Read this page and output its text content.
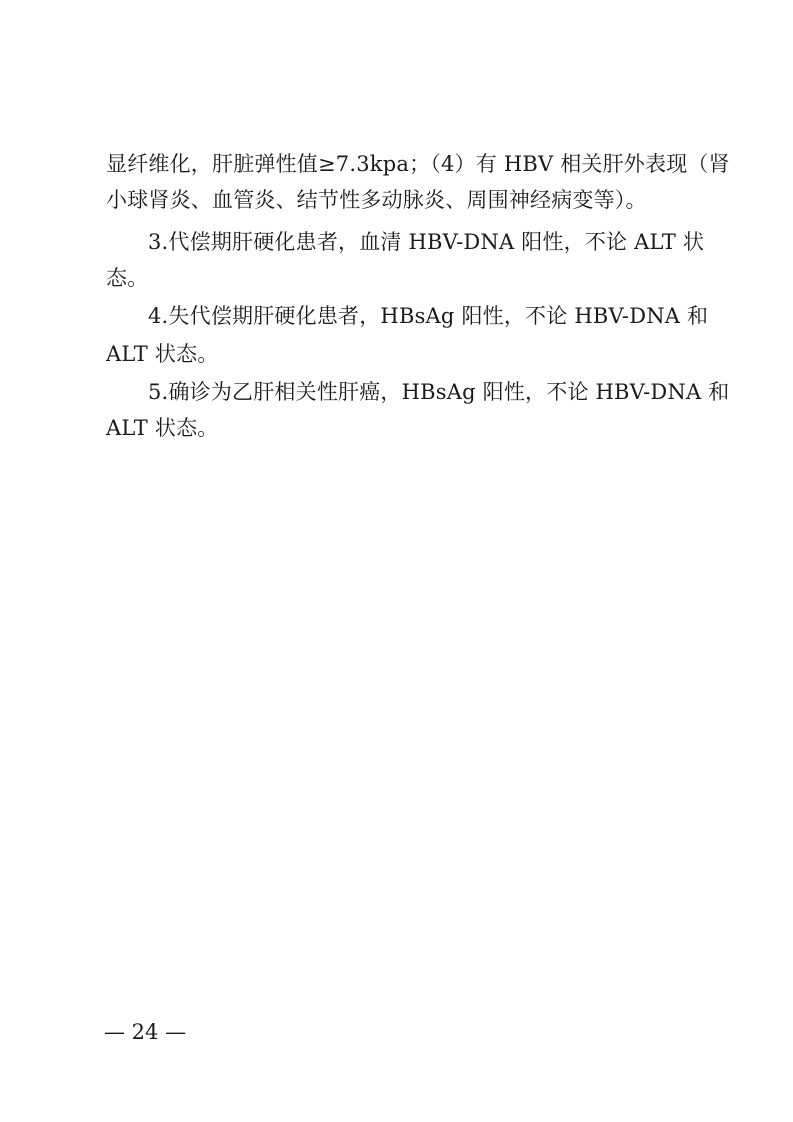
显纤维化，肝脏弹性值≥7.3kpa；（4）有 HBV 相关肝外表现（肾
小球肾炎、血管炎、结节性多动脉炎、周围神经病变等）。
3.代偿期肝硬化患者，血清 HBV-DNA 阳性，不论 ALT 状
态。
4.失代偿期肝硬化患者，HBsAg 阳性，不论 HBV-DNA 和
ALT 状态。
5.确诊为乙肝相关性肝癌，HBsAg 阳性，不论 HBV-DNA 和
ALT 状态。
— 24 —
